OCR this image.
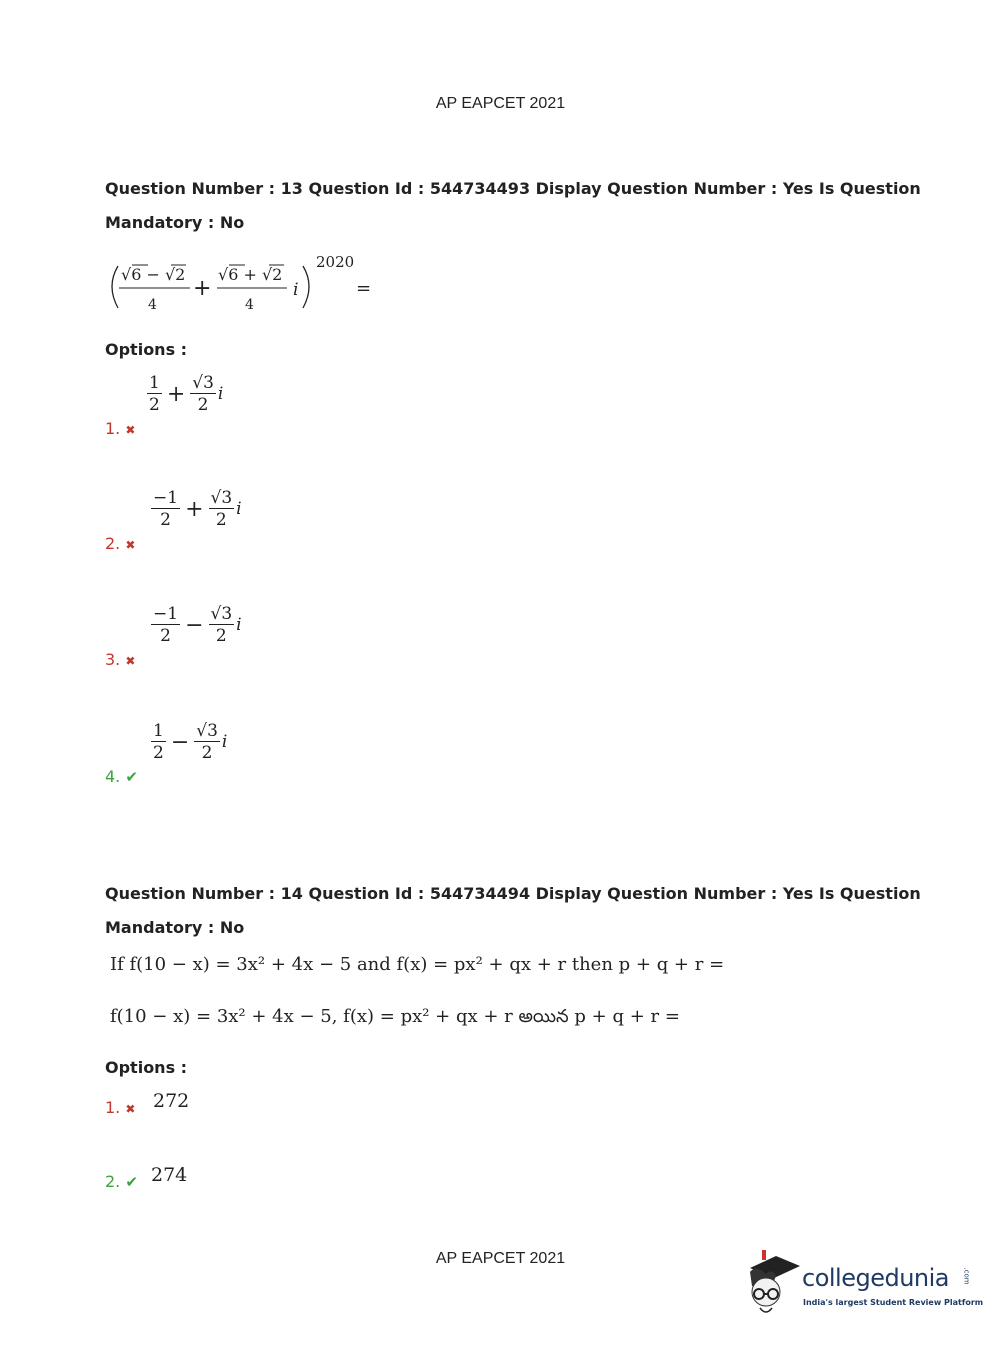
AP EAPCET 2021
Question Number : 13 Question Id : 544734493 Display Question Number : Yes Is Question
Mandatory : No
√6 − √2
4
+
√6 + √2
4
i
2020
=
Options :
$\frac{1}{2} + \frac{√3}{2}$ i
1. ✖
$\frac{-1}{2} + \frac{√3}{2}$ i
2. ✖
$\frac{-1}{2} - \frac{√3}{2}$ i
3. ✖
$\frac{1}{2} - \frac{√3}{2}$ i
4. ✔
Question Number : 14 Question Id : 544734494 Display Question Number : Yes Is Question
Mandatory : No
If f(10 − x) = 3x² + 4x − 5 and f(x) = px² + qx + r then p + q + r =
f(10 − x) = 3x² + 4x − 5, f(x) = px² + qx + r అయిన p + q + r =
Options :
1. ✖ 272
2. ✔ 274
AP EAPCET 2021
collegedunia .com
India's largest Student Review Platform
